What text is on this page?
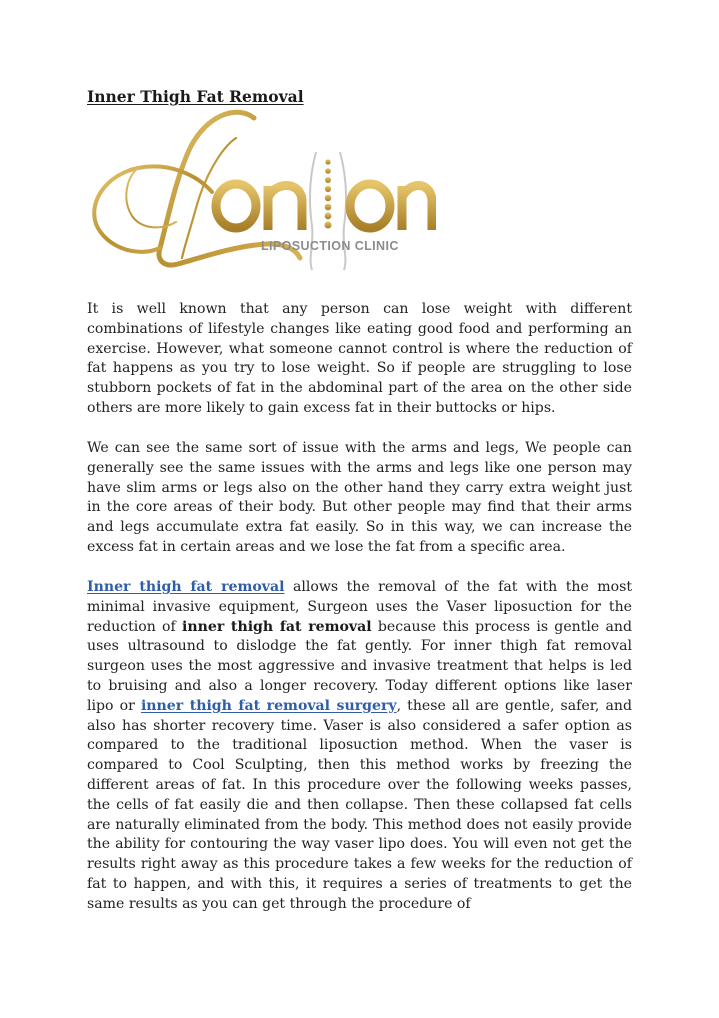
Inner Thigh Fat Removal
LIPOSUCTION CLINIC

It is well known that any person can lose weight with different combinations of lifestyle changes like eating good food and performing an exercise. However, what someone cannot control is where the reduction of fat happens as you try to lose weight. So if people are struggling to lose stubborn pockets of fat in the abdominal part of the area on the other side others are more likely to gain excess fat in their buttocks or hips.

We can see the same sort of issue with the arms and legs, We people can generally see the same issues with the arms and legs like one person may have slim arms or legs also on the other hand they carry extra weight just in the core areas of their body. But other people may find that their arms and legs accumulate extra fat easily. So in this way, we can increase the excess fat in certain areas and we lose the fat from a specific area.

Inner thigh fat removal allows the removal of the fat with the most minimal invasive equipment, Surgeon uses the Vaser liposuction for the reduction of inner thigh fat removal because this process is gentle and uses ultrasound to dislodge the fat gently. For inner thigh fat removal surgeon uses the most aggressive and invasive treatment that helps is led to bruising and also a longer recovery. Today different options like laser lipo or inner thigh fat removal surgery, these all are gentle, safer, and also has shorter recovery time. Vaser is also considered a safer option as compared to the traditional liposuction method. When the vaser is compared to Cool Sculpting, then this method works by freezing the different areas of fat. In this procedure over the following weeks passes, the cells of fat easily die and then collapse. Then these collapsed fat cells are naturally eliminated from the body. This method does not easily provide the ability for contouring the way vaser lipo does. You will even not get the results right away as this procedure takes a few weeks for the reduction of fat to happen, and with this, it requires a series of treatments to get the same results as you can get through the procedure of
